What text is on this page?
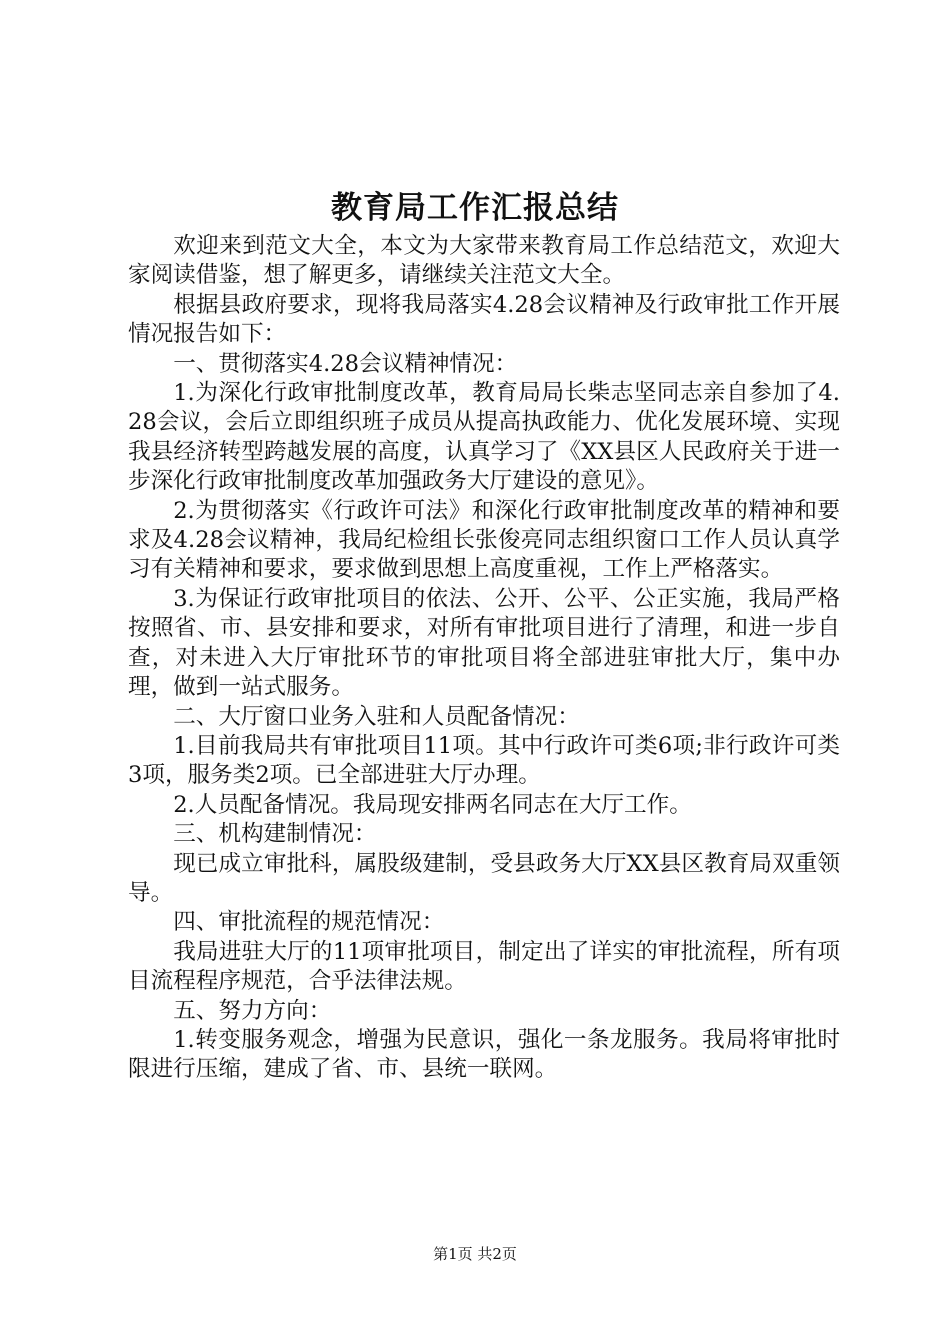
教育局工作汇报总结

欢迎来到范文大全，本文为大家带来教育局工作总结范文，欢迎大家阅读借鉴，想了解更多，请继续关注范文大全。

根据县政府要求，现将我局落实4.28会议精神及行政审批工作开展情况报告如下：

一、贯彻落实4.28会议精神情况：

1.为深化行政审批制度改革，教育局局长柴志坚同志亲自参加了4.28会议，会后立即组织班子成员从提高执政能力、优化发展环境、实现我县经济转型跨越发展的高度，认真学习了《XX县区人民政府关于进一步深化行政审批制度改革加强政务大厅建设的意见》。

2.为贯彻落实《行政许可法》和深化行政审批制度改革的精神和要求及4.28会议精神，我局纪检组长张俊亮同志组织窗口工作人员认真学习有关精神和要求，要求做到思想上高度重视，工作上严格落实。

3.为保证行政审批项目的依法、公开、公平、公正实施，我局严格按照省、市、县安排和要求，对所有审批项目进行了清理，和进一步自查，对未进入大厅审批环节的审批项目将全部进驻审批大厅，集中办理，做到一站式服务。

二、大厅窗口业务入驻和人员配备情况：

1.目前我局共有审批项目11项。其中行政许可类6项;非行政许可类3项，服务类2项。已全部进驻大厅办理。

2.人员配备情况。我局现安排两名同志在大厅工作。

三、机构建制情况：

现已成立审批科，属股级建制，受县政务大厅XX县区教育局双重领导。

四、审批流程的规范情况：

我局进驻大厅的11项审批项目，制定出了详实的审批流程，所有项目流程程序规范，合乎法律法规。

五、努力方向：

1.转变服务观念，增强为民意识，强化一条龙服务。我局将审批时限进行压缩，建成了省、市、县统一联网。

第1页 共2页
